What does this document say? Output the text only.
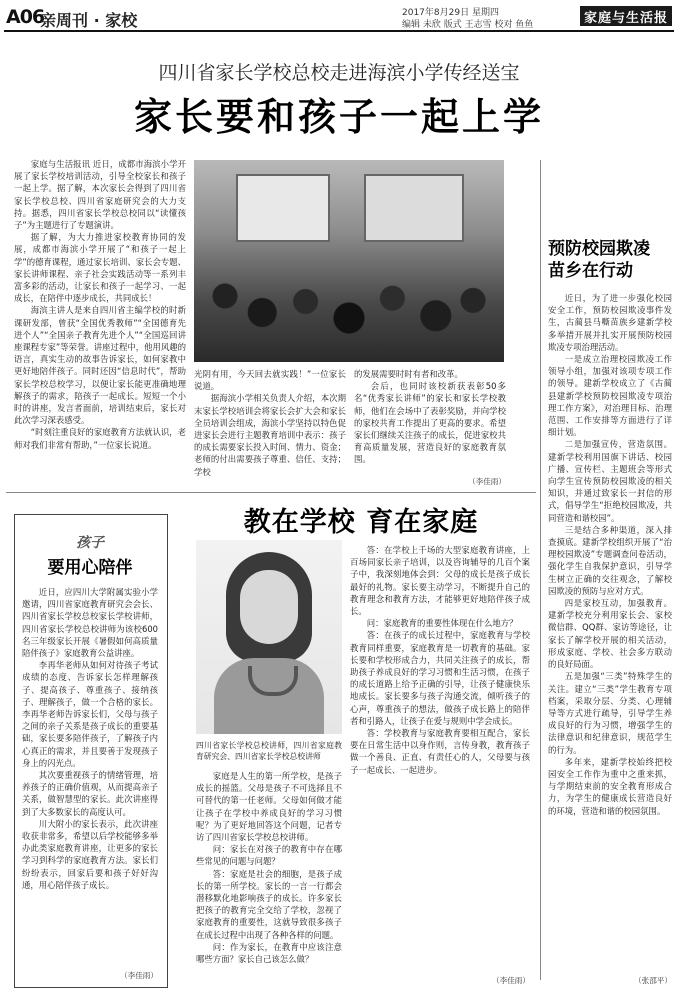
A06
亲周刊 · 家校	2017年8月29日 星期四
编辑 未欣 版式 王志雪 校对 鱼鱼	家庭与生活报
四川省家长学校总校走进海滨小学传经送宝
家长要和孩子一起上学

家庭与生活报讯 近日，成都市海滨小学开展了家长学校培训活动，引导全校家长和孩子一起上学。据了解，本次家长会得到了四川省家长学校总校、四川省家庭研究会的大力支持。据悉，四川省家长学校总校同以“读懂孩子”为主题进行了专题演讲。

据了解，为大力推进家校教育协同的发展，成都市海滨小学开展了“和孩子一起上学”的德育课程，通过家长培训、家长会专题、家长讲师课程、亲子社会实践活动等一系列丰富多彩的活动，让家长和孩子一起学习、一起成长，在陪伴中逐步成长，共同成长！

海滨主讲人是来自四川省主编学校的时新课研发部，曾获“全国优秀教师”“全国德育先进个人”“全国亲子教育先进个人”“全国巡回讲座课程专家”等荣誉。讲座过程中，他用风趣的语言，真实生动的故事告诉家长，如何家教中更好地陪伴孩子。同时还因“信息时代”，帮助家长学校总校学习，以便让家长能更准确地理解孩子的需求，陪孩子一起成长。短短一个小时的讲座，发言者面前，培训结束后，家长对此次学习深表感受。

“时刻注重良好的家庭教育方法就认识，老师对我们非常有帮助，”一位家长说道。

光阴有用，今天回去就实践！”一位家长说道。

据海滨小学相关负责人介绍，本次期末家长学校培训会将家长会扩大会和家长全员培训会组成，海滨小学坚持以特色促进家长会进行主题教育培训中表示：孩子的成长需要家长投入时间、情力、资金；老师的付出需要孩子尊重、信任、支持；学校

的发展需要时时有者和改革。

会后，也同时该校新获表彰50多名“优秀家长讲师”的家长和家长学校教师，他们在会场中了表彰奖励，并向学校的家校共育工作提出了更高的要求。希望家长们继续关注孩子的成长，促进家校共育高质量发展，营造良好的家庭教育氛围。

（李佳雨）
预防校园欺凌
苗乡在行动

近日，为了进一步强化校园安全工作，预防校园欺凌事件发生，古蔺县马嘶苗族乡建新学校多举措开展并扎实开展预防校园欺凌专项治理活动。

一是成立治理校园欺凌工作领导小组，加强对该项专项工作的领导。建新学校成立了《古蔺县建新学校预防校园欺凌专项治理工作方案》，对治理目标、治理范围、工作安排等方面进行了详细计划。

二是加强宣传，营造氛围。建新学校利用国旗下讲话、校园广播、宣传栏、主题班会等形式向学生宣传预防校园欺凌的相关知识，并通过致家长一封信的形式，倡导学生“拒绝校园欺凌，共同营造和谐校园”。

三是结合多种渠道，深入排查摸底。建新学校组织开展了“治理校园欺凌”专题调查问卷活动，强化学生自我保护意识，引导学生树立正确的交往观念，了解校园欺凌的预防与应对方式。

四是家校互动，加强教育。建新学校充分利用家长会、家校微信群、QQ群、家访等途径，让家长了解学校开展的相关活动，形成家庭、学校、社会多方联动的良好局面。

五是加强“三类”特殊学生的关注。建立“三类”学生教育专项档案，采取分层、分类、心理辅导等方式进行疏导，引导学生养成良好的行为习惯，增强学生的法律意识和纪律意识，规范学生的行为。

多年来，建新学校始终把校园安全工作作为重中之重来抓，与学期结束前的安全教育形成合力，为学生的健康成长营造良好的环境，营造和谐的校园氛围。

（张邵平）
教在学校 育在家庭
四川省家长学校总校讲师，四川省家庭教育研究会、四川省家长学校总校讲师

家庭是人生的第一所学校，是孩子成长的摇篮。父母是孩子不可选择且不可替代的第一任老师。父母如何做才能让孩子在学校中养成良好的学习习惯呢？为了更好地回答这个问题，记者专访了四川省家长学校总校讲师。

问：家长在对孩子的教育中存在哪些常见的问题与问题？

答：家庭是社会的细胞，是孩子成长的第一所学校。家长的一言一行都会潜移默化地影响孩子的成长。许多家长把孩子的教育完全交给了学校，忽视了家庭教育的重要性，这就导致很多孩子在成长过程中出现了各种各样的问题。

问：作为家长，在教育中应该注意哪些方面？家长自己该怎么做？

答：在学校上千场的大型家庭教育讲座，上百场同家长亲子培训，以及咨询辅导的几百个案子中，我深刻地体会到：父母的成长是孩子成长最好的礼物。家长要主动学习，不断提升自己的教育理念和教育方法，才能够更好地陪伴孩子成长。

问：家庭教育的重要性体现在什么地方？

答：在孩子的成长过程中，家庭教育与学校教育同样重要，家庭教育是一切教育的基础。家长要和学校形成合力，共同关注孩子的成长，帮助孩子养成良好的学习习惯和生活习惯，在孩子的成长道路上给予正确的引导，让孩子健康快乐地成长。家长要多与孩子沟通交流，倾听孩子的心声，尊重孩子的想法，做孩子成长路上的陪伴者和引路人，让孩子在爱与规则中学会成长。

答：学校教育与家庭教育要相互配合，家长要在日常生活中以身作则，言传身教，教育孩子做一个善良、正直、有责任心的人，父母要与孩子一起成长、一起进步。

（李佳雨）
孩子
要用心陪伴

近日，应四川大学附属实验小学邀请，四川省家庭教育研究会会长、四川省家长学校总校家长学校讲师，四川省家长学校总校讲师为该校600名三年级家长开展《暑假如何高质量陪伴孩子》家庭教育公益讲座。

李再华老师从如何对待孩子考试成绩的态度、告诉家长怎样理解孩子、提高孩子、尊重孩子、接纳孩子、理解孩子，做一个合格的家长。李再华老师告诉家长们，父母与孩子之间的亲子关系是孩子成长的重要基础，家长要多陪伴孩子，了解孩子内心真正的需求，并且要善于发现孩子身上的闪光点。

其次要重视孩子的情绪管理，培养孩子的正确价值观，从而提高亲子关系，做智慧型的家长。此次讲座得到了大多数家长的高度认可。

川大附小的家长表示，此次讲座收获非常多，希望以后学校能够多举办此类家庭教育讲座，让更多的家长学习到科学的家庭教育方法。家长们纷纷表示，回家后要和孩子好好沟通，用心陪伴孩子成长。

（李佳雨）
